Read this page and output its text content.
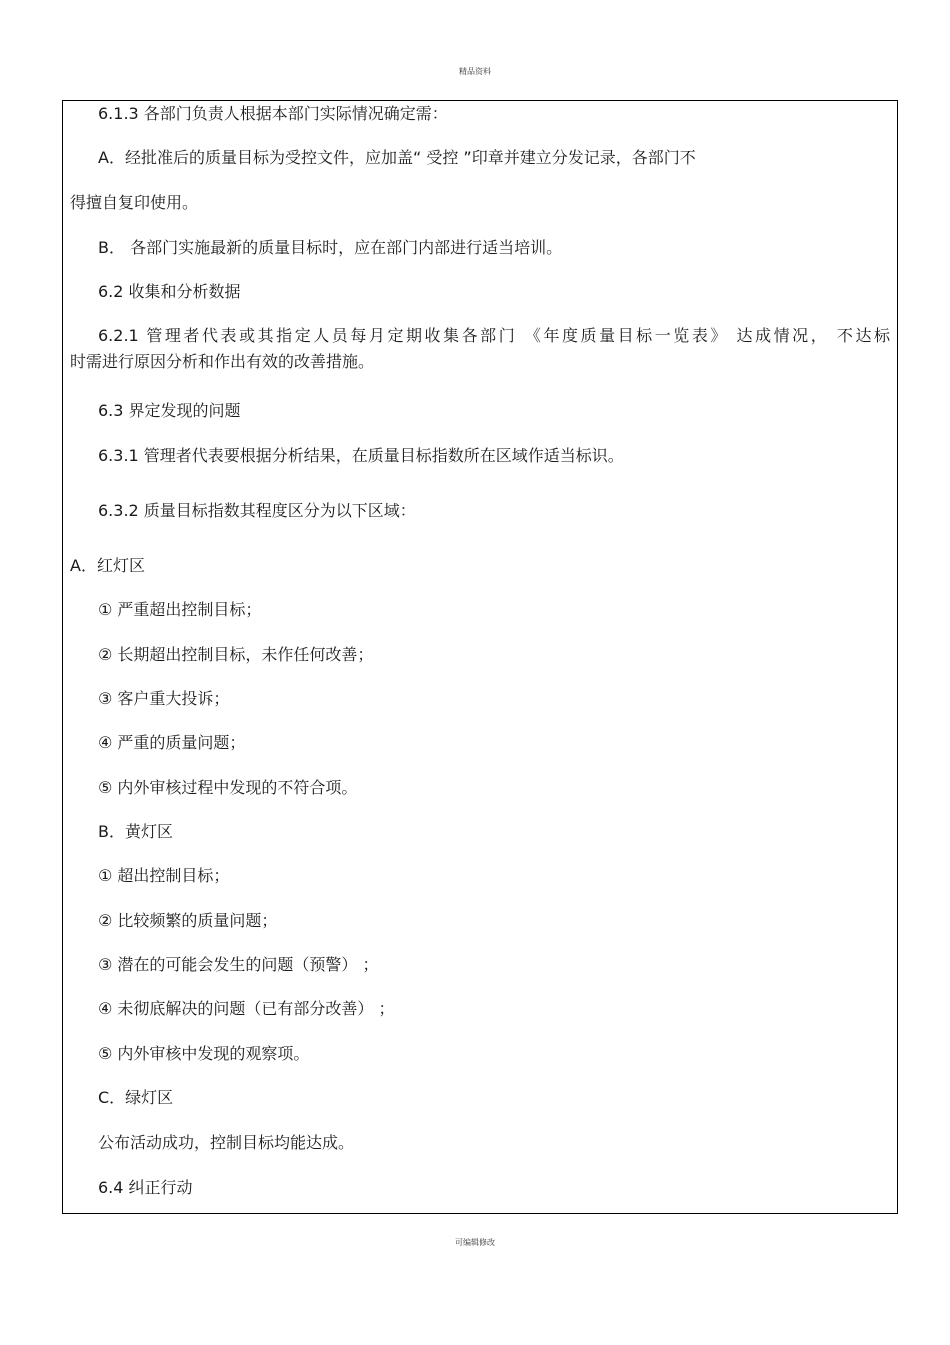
精品资料
6.1.3 各部门负责人根据本部门实际情况确定需：
A．经批准后的质量目标为受控文件，应加盖“ 受控 ”印章并建立分发记录，各部门不
得擅自复印使用。
B． 各部门实施最新的质量目标时，应在部门内部进行适当培训。
6.2 收集和分析数据
6.2.1 管理者代表或其指定人员每月定期收集各部门 《年度质量目标一览表》 达成情况， 不达标
时需进行原因分析和作出有效的改善措施。
6.3 界定发现的问题
6.3.1 管理者代表要根据分析结果，在质量目标指数所在区域作适当标识。
6.3.2 质量目标指数其程度区分为以下区域：
A．红灯区
① 严重超出控制目标；
② 长期超出控制目标，未作任何改善；
③ 客户重大投诉；
④ 严重的质量问题；
⑤ 内外审核过程中发现的不符合项。
B．黄灯区
① 超出控制目标；
② 比较频繁的质量问题；
③ 潜在的可能会发生的问题（预警） ；
④ 未彻底解决的问题（已有部分改善） ；
⑤ 内外审核中发现的观察项。
C．绿灯区
公布活动成功，控制目标均能达成。
6.4 纠正行动
可编辑修改
